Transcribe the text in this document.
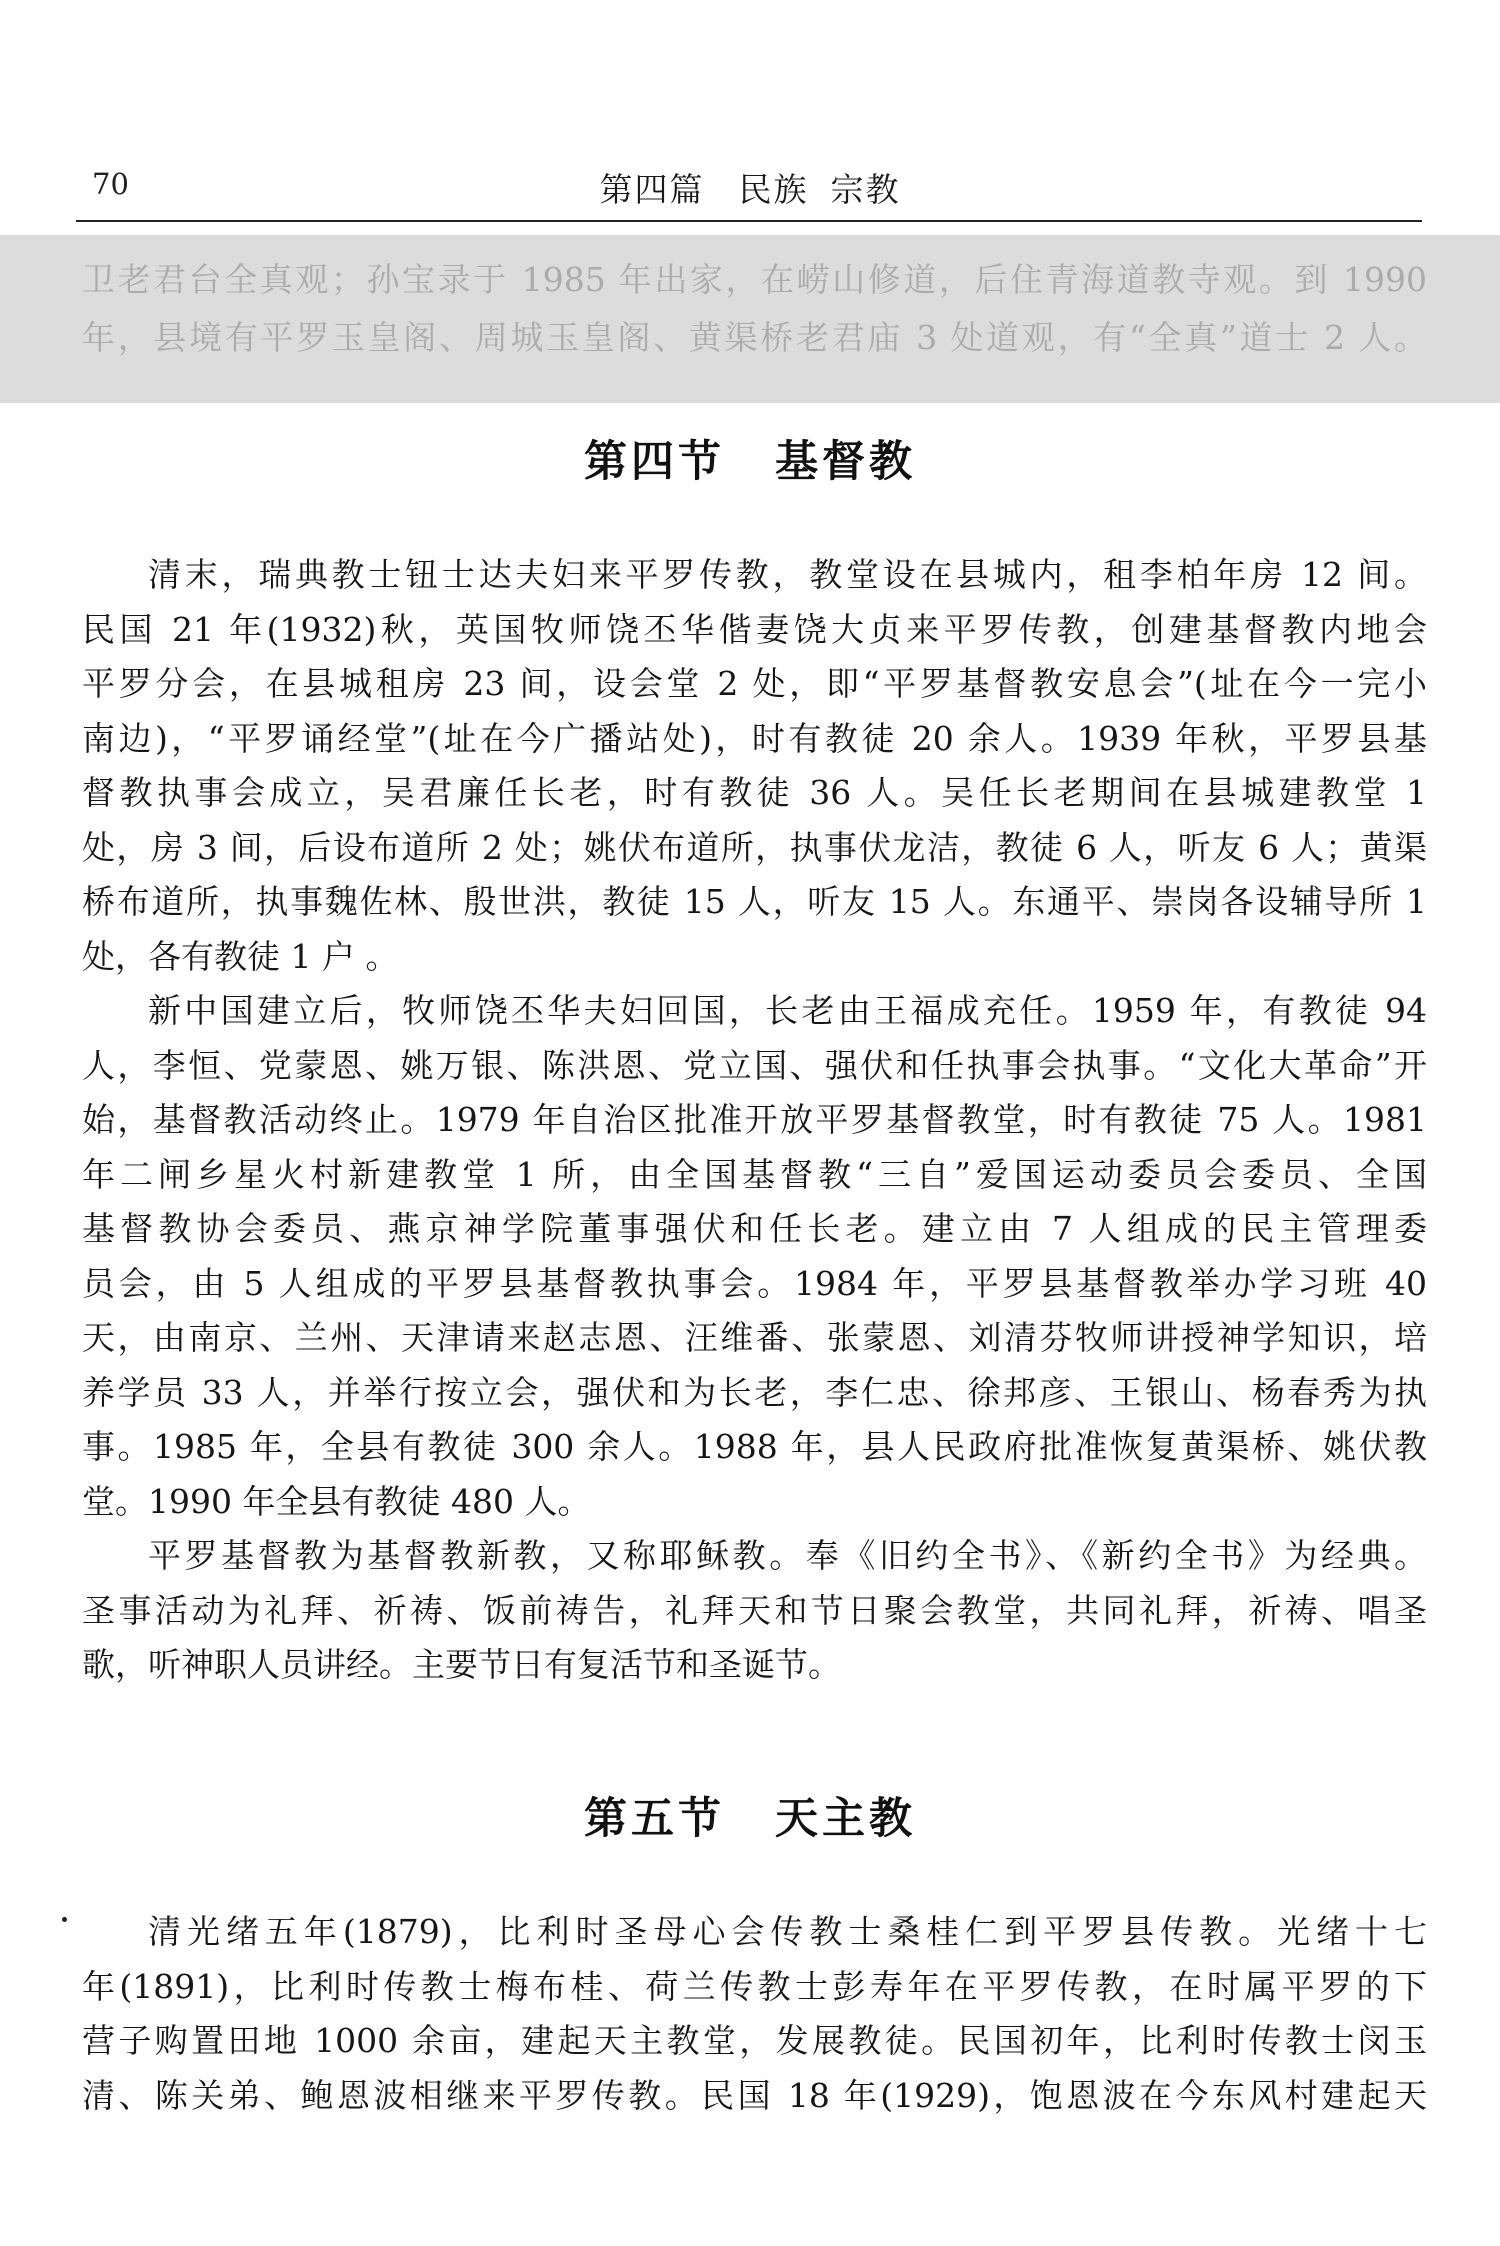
70	第四篇 民族 宗教
卫老君台全真观；孙宝录于 1985 年出家，在崂山修道，后住青海道教寺观。到 1990
年，县境有平罗玉皇阁、周城玉皇阁、黄渠桥老君庙 3 处道观，有“全真”道士 2 人。
第四节 基督教
清末，瑞典教士钮士达夫妇来平罗传教，教堂设在县城内，租李柏年房 12 间。
民国 21 年(1932)秋，英国牧师饶丕华偕妻饶大贞来平罗传教，创建基督教内地会
平罗分会，在县城租房 23 间，设会堂 2 处，即“平罗基督教安息会”(址在今一完小
南边)，“平罗诵经堂”(址在今广播站处)，时有教徒 20 余人。1939 年秋，平罗县基
督教执事会成立，吴君廉任长老，时有教徒 36 人。吴任长老期间在县城建教堂 1
处，房 3 间，后设布道所 2 处；姚伏布道所，执事伏龙洁，教徒 6 人，听友 6 人；黄渠
桥布道所，执事魏佐林、殷世洪，教徒 15 人，听友 15 人。东通平、崇岗各设辅导所 1
处，各有教徒 1 户 。
新中国建立后，牧师饶丕华夫妇回国，长老由王福成充任。1959 年，有教徒 94
人，李恒、党蒙恩、姚万银、陈洪恩、党立国、强伏和任执事会执事。“文化大革命”开
始，基督教活动终止。1979 年自治区批准开放平罗基督教堂，时有教徒 75 人。1981
年二闸乡星火村新建教堂 1 所，由全国基督教“三自”爱国运动委员会委员、全国
基督教协会委员、燕京神学院董事强伏和任长老。建立由 7 人组成的民主管理委
员会，由 5 人组成的平罗县基督教执事会。1984 年，平罗县基督教举办学习班 40
天，由南京、兰州、天津请来赵志恩、汪维番、张蒙恩、刘清芬牧师讲授神学知识，培
养学员 33 人，并举行按立会，强伏和为长老，李仁忠、徐邦彦、王银山、杨春秀为执
事。1985 年，全县有教徒 300 余人。1988 年，县人民政府批准恢复黄渠桥、姚伏教
堂。1990 年全县有教徒 480 人。
平罗基督教为基督教新教，又称耶稣教。奉《旧约全书》、《新约全书》为经典。
圣事活动为礼拜、祈祷、饭前祷告，礼拜天和节日聚会教堂，共同礼拜，祈祷、唱圣
歌，听神职人员讲经。主要节日有复活节和圣诞节。
第五节 天主教
清光绪五年(1879)，比利时圣母心会传教士桑桂仁到平罗县传教。光绪十七
年(1891)，比利时传教士梅布桂、荷兰传教士彭寿年在平罗传教，在时属平罗的下
营子购置田地 1000 余亩，建起天主教堂，发展教徒。民国初年，比利时传教士闵玉
清、陈关弟、鲍恩波相继来平罗传教。民国 18 年(1929)，饱恩波在今东风村建起天
